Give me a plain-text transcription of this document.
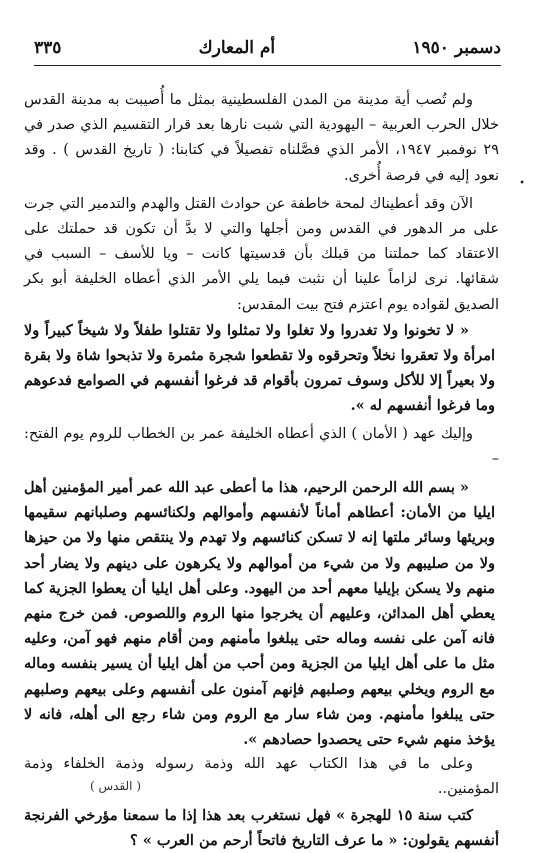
دسمبر ١٩٥٠
أم المعارك
٣٣٥
•

ولم تُصب أية مدينة من المدن الفلسطينية بمثل ما أُصيبت به مدينة القدس خلال الحرب العربية – اليهودية التي شبت نارها بعد قرار التقسيم الذي صدر في ٢٩ نوفمبر ١٩٤٧، الأمر الذي فصَّلناه تفصيلاً في كتابنا: ( تاريخ القدس ) . وقد نعود إليه في فرصة أُخرى.

الآن وقد أعطيناك لمحة خاطفة عن حوادث القتل والهدم والتدمير التي جرت على مر الدهور في القدس ومن أجلها والتي لا بدَّ أن تكون قد حملتك على الاعتقاد كما حملتنا من قبلك بأن قدسيتها كانت – ويا للأسف – السبب في شقائها. نرى لزاماً علينا أن نثبت فيما يلي الأمر الذي أعطاه الخليفة أبو بكر الصديق لقواده يوم اعتزم فتح بيت المقدس:

« لا تخونوا ولا تغدروا ولا تغلوا ولا تمثلوا ولا تقتلوا طفلاً ولا شيخاً كبيراً ولا امرأة ولا تعقروا نخلاً وتحرقوه ولا تقطعوا شجرة مثمرة ولا تذبحوا شاة ولا بقرة ولا بعيراً إلا للأكل وسوف تمرون بأقوام قد فرغوا أنفسهم في الصوامع فدعوهم وما فرغوا أنفسهم له ».

وإليك عهد ( الأمان ) الذي أعطاه الخليفة عمر بن الخطاب للروم يوم الفتح: –

« بسم الله الرحمن الرحيم، هذا ما أعطى عبد الله عمر أمير المؤمنين أهل ايليا من الأمان: أعطاهم أماناً لأنفسهم وأموالهم ولكنائسهم وصلبانهم سقيمها وبريئها وسائر ملتها إنه لا تسكن كنائسهم ولا تهدم ولا ينتقص منها ولا من حيزها ولا من صليبهم ولا من شيء من أموالهم ولا يكرهون على دينهم ولا يضار أحد منهم ولا يسكن بإيليا معهم أحد من اليهود. وعلى أهل ايليا أن يعطوا الجزية كما يعطي أهل المدائن، وعليهم أن يخرجوا منها الروم واللصوص. فمن خرج منهم فانه آمن على نفسه وماله حتى يبلغوا مأمنهم ومن أقام منهم فهو آمن، وعليه مثل ما على أهل ايليا من الجزية ومن أحب من أهل ايليا أن يسير بنفسه وماله مع الروم ويخلي بيعهم وصلبهم فإنهم آمنون على أنفسهم وعلى بيعهم وصلبهم حتى يبلغوا مأمنهم. ومن شاء سار مع الروم ومن شاء رجع الى أهله، فانه لا يؤخذ منهم شيء حتى يحصدوا حصادهم ».

وعلى ما في هذا الكتاب عهد الله وذمة رسوله وذمة الخلفاء وذمة المؤمنين..

كتب سنة ١٥ للهجرة » فهل نستغرب بعد هذا إذا ما سمعنا مؤرخي الفرنجة أنفسهم يقولون: « ما عرف التاريخ فاتحاً أرحم من العرب » ؟

( القدس )
